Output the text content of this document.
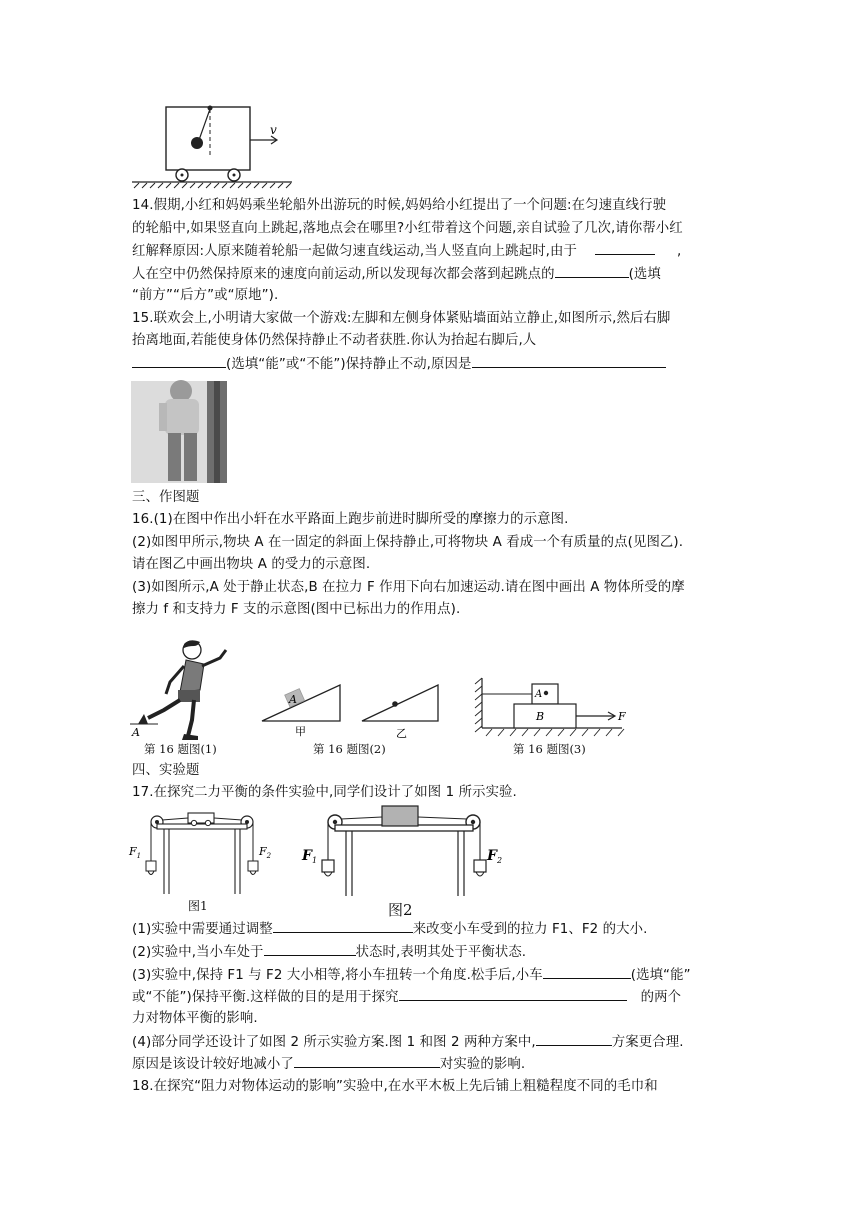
v
14.假期,小红和妈妈乘坐轮船外出游玩的时候,妈妈给小红提出了一个问题:在匀速直线行驶
的轮船中,如果竖直向上跳起,落地点会在哪里?小红带着这个问题,亲自试验了几次,请你帮小红
红解释原因:人原来随着轮船一起做匀速直线运动,当人竖直向上跳起时,由于	,
人在空中仍然保持原来的速度向前运动,所以发现每次都会落到起跳点的	(选填
“前方”“后方”或“原地”).
15.联欢会上,小明请大家做一个游戏:左脚和左侧身体紧贴墙面站立静止,如图所示,然后右脚
抬离地面,若能使身体仍然保持静止不动者获胜.你认为抬起右脚后,人
(选填“能”或“不能”)保持静止不动,原因是
三、作图题
16.(1)在图中作出小轩在水平路面上跑步前进时脚所受的摩擦力的示意图.
(2)如图甲所示,物块 A 在一固定的斜面上保持静止,可将物块 A 看成一个有质量的点(见图乙).
请在图乙中画出物块 A 的受力的示意图.
(3)如图所示,A 处于静止状态,B 在拉力 F 作用下向右加速运动.请在图中画出 A 物体所受的摩
擦力 f 和支持力 F 支的示意图(图中已标出力的作用点).
A
第 16 题图(1)
A
甲	乙
第 16 题图(2)
A
B	F
第 16 题图(3)
四、实验题
17.在探究二力平衡的条件实验中,同学们设计了如图 1 所示实验.
$F_1$	$F_2$
图1
$F_1$	$F_2$
图2
(1)实验中需要通过调整	来改变小车受到的拉力 F1、F2 的大小.
(2)实验中,当小车处于	状态时,表明其处于平衡状态.
(3)实验中,保持 F1 与 F2 大小相等,将小车扭转一个角度.松手后,小车	(选填“能”
或“不能”)保持平衡.这样做的目的是用于探究	的两个
力对物体平衡的影响.
(4)部分同学还设计了如图 2 所示实验方案.图 1 和图 2 两种方案中,	方案更合理.
原因是该设计较好地减小了	对实验的影响.
18.在探究“阻力对物体运动的影响”实验中,在水平木板上先后铺上粗糙程度不同的毛巾和
